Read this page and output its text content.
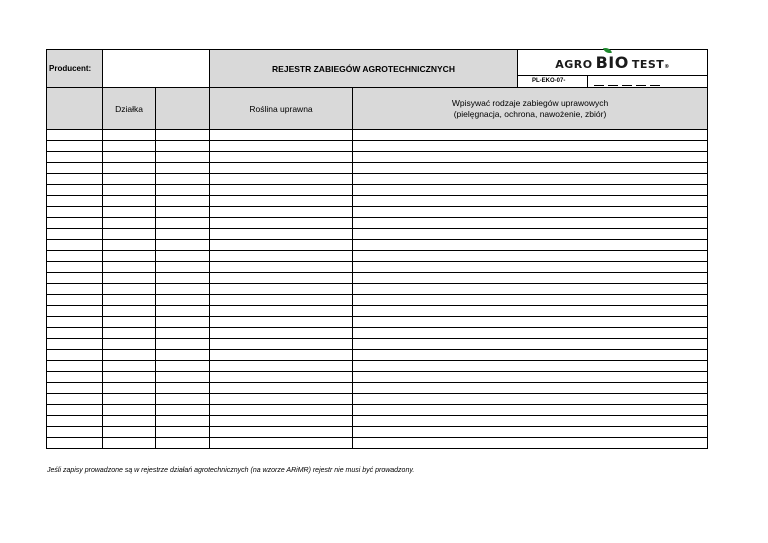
Producent:			REJESTR ZABIEGÓW AGROTECHNICZNYCH		AGRO BIO TEST ®
PL-EKO-07-

	Działka		Roślina uprawna	Wpisywać rodzaje zabiegów uprawowych
(pielęgnacja, ochrona, nawożenie, zbiór)	

Jeśli zapisy prowadzone są w rejestrze działań agrotechnicznych (na wzorze ARiMR) rejestr nie musi być prowadzony.
